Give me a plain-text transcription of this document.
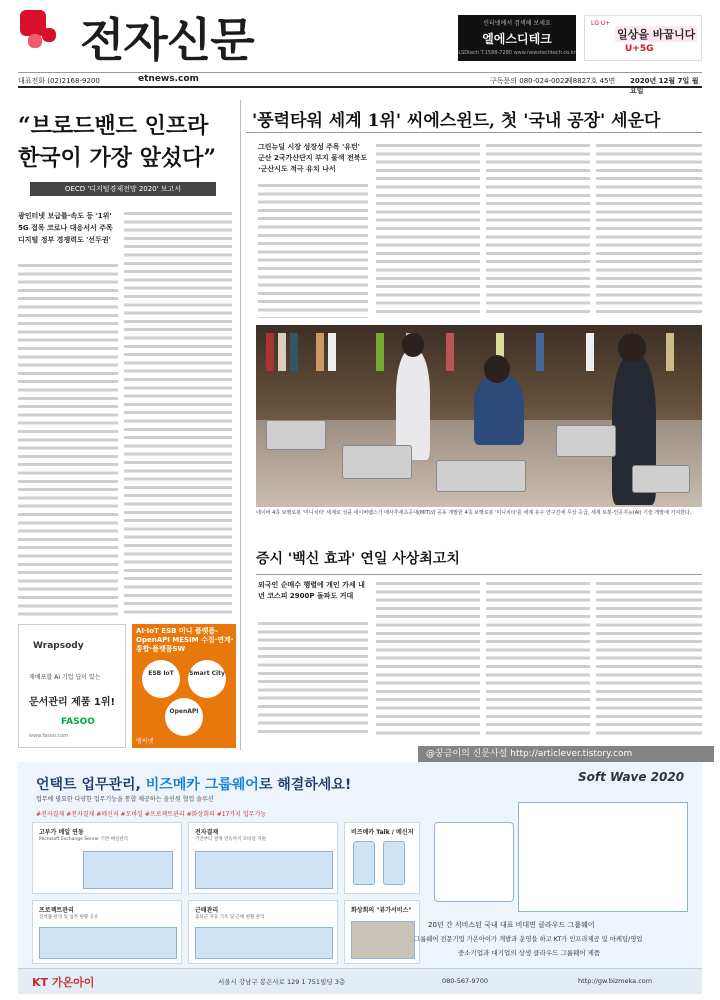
전자신문	인터넷에서 검색해 보세요
엘에스디테크
LSDtech T.1588-7280 www.newstechtech.co.kr
LG U+
일상을 바꿉니다
U+5G
대표전화 (02)2168-9200	etnews.com	구독문의 080-024-0022
제8827호 45면 2020년 12월 7일 월요일
“브로드밴드 인프라
한국이 가장 앞섰다”
OECD '디지털경제전망 2020' 보고서
광인터넷 보급률·속도 등 '1위' 5G 접목 코로나 대응서서 주목 디지털 정부 경쟁력도 '선두권'
'풍력타워 세계 1위' 씨에스윈드, 첫 '국내 공장' 세운다
그린뉴딜 시장 성장성 주목 '유턴' 군산 2국가산단지 부지 물색 전북도·군산시도 적극 유치 나서
네이버 4족 보행로봇 '미니치타' 세계로 성큼 네이버랩스가 매사추세츠공대(MIT)와 공동 개발한 4족 보행로봇 '미니치타'를 세계 유수 연구진에 무상 공급, 세계 로봇·인공지능(AI) 기술 개발에 기여한다.
증시 '백신 효과' 연일 사상최고치
외국인 순매수 행렬에 개인 가세 내년 코스피 2900P 돌파도 거대
Wrapsody
재배포할 AI 기업 딥이 있는
문서관리 제품 1위!
FASOO
www.fasoo.com
AI·IoT ESB 미니 플랫폼-OpenAPI MESIM 수집·연계·통합·플랫폼SW
ESB IoT	Smart City
OpenAPI
엠씨넷
@꿍금이의 신문사설 http://articlever.tistory.com
언택트 업무관리, 비즈메카 그룹웨어로 해결하세요!
업무에 필요한 다양한 업무기능을 통합 제공하는 올인원 협업 솔루션
#전자결재 #전자결재 #메신저 #모바일 #프로젝트관리 #화상회의 #17가지 업무기능
Soft Wave 2020
고부가 메일 연동
Microsoft Exchange Server 기반 메일관리
전자결재
기안부터 결재 연동까지 모바일 지원
프로젝트관리
진척률 관리 및 업무 현황 공유
근태관리
출퇴근 자동 기록 및 근태 현황 관리
비즈메카 Talk / 메신저
화상회의 "뷰가서비스"
20년 간 서비스된 국내 대표 비대면 클라우드 그룹웨어
그룹웨어 전문기업 가온아이가 개발과 운영을 하고 KT가 인프라제공 및 마케팅/영업
중소기업과 대기업의 상생 클라우드 그룹웨어 제품
KT 가온아이	서울시 강남구 봉은사로 129 1 751빌딩 3층	080-567-9700	http://gw.bizmeka.com
